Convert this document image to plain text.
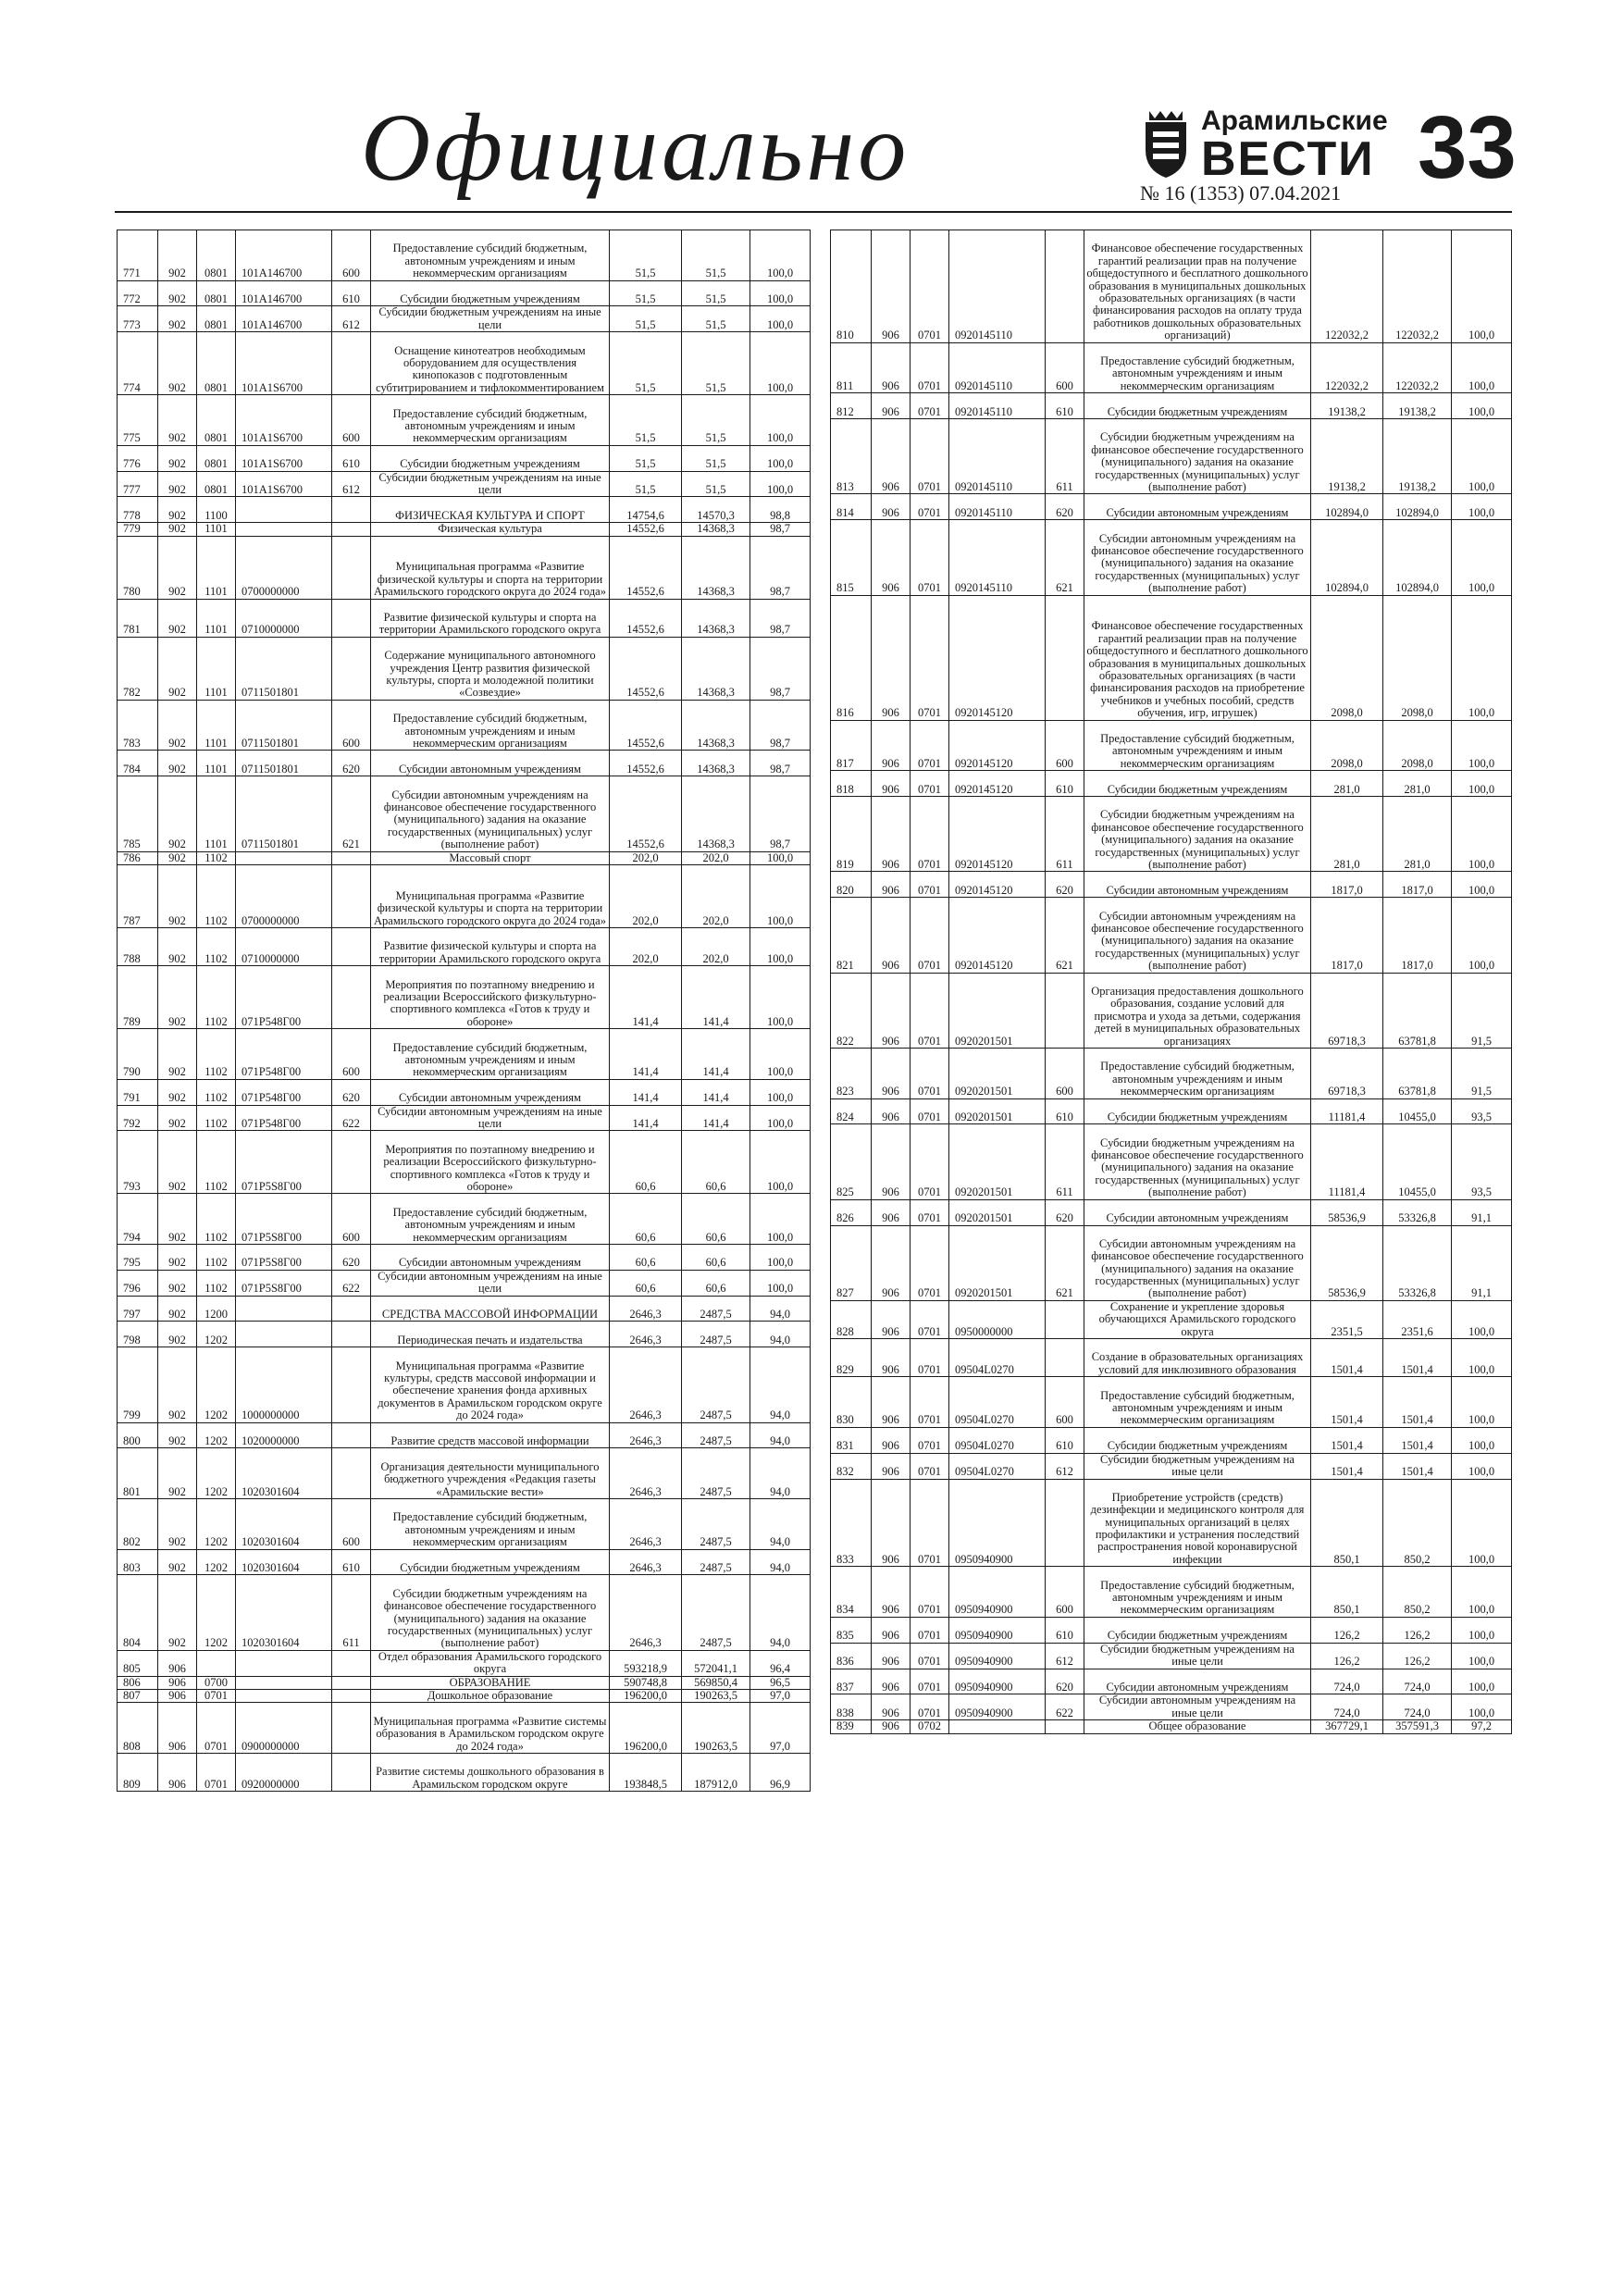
Официально	Арамильские
ВЕСТИ
№ 16 (1353) 07.04.2021 33
771	902	0801	101А146700	600	Предоставление субсидий бюджетным, автономным учреждениям и иным некоммерческим организациям	51,5	51,5	100,0
772	902	0801	101А146700	610	Субсидии бюджетным учреждениям	51,5	51,5	100,0
773	902	0801	101А146700	612	Субсидии бюджетным учреждениям на иные цели	51,5	51,5	100,0
774	902	0801	101А1S6700		Оснащение кинотеатров необходимым оборудованием для осуществления кинопоказов с подготовленным субтитрированием и тифлокомментированием	51,5	51,5	100,0
775	902	0801	101А1S6700	600	Предоставление субсидий бюджетным, автономным учреждениям и иным некоммерческим организациям	51,5	51,5	100,0
776	902	0801	101А1S6700	610	Субсидии бюджетным учреждениям	51,5	51,5	100,0
777	902	0801	101А1S6700	612	Субсидии бюджетным учреждениям на иные цели	51,5	51,5	100,0
778	902	1100			ФИЗИЧЕСКАЯ КУЛЬТУРА И СПОРТ	14754,6	14570,3	98,8
779	902	1101			Физическая культура	14552,6	14368,3	98,7
780	902	1101	0700000000		Муниципальная программа «Развитие физической культуры и спорта на территории Арамильского городского округа до 2024 года»	14552,6	14368,3	98,7
781	902	1101	0710000000		Развитие физической культуры и спорта на территории Арамильского городского округа	14552,6	14368,3	98,7
782	902	1101	0711501801		Содержание муниципального автономного учреждения Центр развития физической культуры, спорта и молодежной политики «Созвездие»	14552,6	14368,3	98,7
783	902	1101	0711501801	600	Предоставление субсидий бюджетным, автономным учреждениям и иным некоммерческим организациям	14552,6	14368,3	98,7
784	902	1101	0711501801	620	Субсидии автономным учреждениям	14552,6	14368,3	98,7
785	902	1101	0711501801	621	Субсидии автономным учреждениям на финансовое обеспечение государственного (муниципального) задания на оказание государственных (муниципальных) услуг (выполнение работ)	14552,6	14368,3	98,7
786	902	1102			Массовый спорт	202,0	202,0	100,0
787	902	1102	0700000000		Муниципальная программа «Развитие физической культуры и спорта на территории Арамильского городского округа до 2024 года»	202,0	202,0	100,0
788	902	1102	0710000000		Развитие физической культуры и спорта на территории Арамильского городского округа	202,0	202,0	100,0
789	902	1102	071P548Г00		Мероприятия по поэтапному внедрению и реализации Всероссийского физкультурно-спортивного комплекса «Готов к труду и обороне»	141,4	141,4	100,0
790	902	1102	071P548Г00	600	Предоставление субсидий бюджетным, автономным учреждениям и иным некоммерческим организациям	141,4	141,4	100,0
791	902	1102	071P548Г00	620	Субсидии автономным учреждениям	141,4	141,4	100,0
792	902	1102	071P548Г00	622	Субсидии автономным учреждениям на иные цели	141,4	141,4	100,0
793	902	1102	071P5S8Г00		Мероприятия по поэтапному внедрению и реализации Всероссийского физкультурно-спортивного комплекса «Готов к труду и обороне»	60,6	60,6	100,0
794	902	1102	071P5S8Г00	600	Предоставление субсидий бюджетным, автономным учреждениям и иным некоммерческим организациям	60,6	60,6	100,0
795	902	1102	071P5S8Г00	620	Субсидии автономным учреждениям	60,6	60,6	100,0
796	902	1102	071P5S8Г00	622	Субсидии автономным учреждениям на иные цели	60,6	60,6	100,0
797	902	1200			СРЕДСТВА МАССОВОЙ ИНФОРМАЦИИ	2646,3	2487,5	94,0
798	902	1202			Периодическая печать и издательства	2646,3	2487,5	94,0
799	902	1202	1000000000		Муниципальная программа «Развитие культуры, средств массовой информации и обеспечение хранения фонда архивных документов в Арамильском городском округе до 2024 года»	2646,3	2487,5	94,0
800	902	1202	1020000000		Развитие средств массовой информации	2646,3	2487,5	94,0
801	902	1202	1020301604		Организация деятельности муниципального бюджетного учреждения «Редакция газеты «Арамильские вести»	2646,3	2487,5	94,0
802	902	1202	1020301604	600	Предоставление субсидий бюджетным, автономным учреждениям и иным некоммерческим организациям	2646,3	2487,5	94,0
803	902	1202	1020301604	610	Субсидии бюджетным учреждениям	2646,3	2487,5	94,0
804	902	1202	1020301604	611	Субсидии бюджетным учреждениям на финансовое обеспечение государственного (муниципального) задания на оказание государственных (муниципальных) услуг (выполнение работ)	2646,3	2487,5	94,0
805	906				Отдел образования Арамильского городского округа	593218,9	572041,1	96,4
806	906	0700			ОБРАЗОВАНИЕ	590748,8	569850,4	96,5
807	906	0701			Дошкольное образование	196200,0	190263,5	97,0
808	906	0701	0900000000		Муниципальная программа «Развитие системы образования в Арамильском городском округе до 2024 года»	196200,0	190263,5	97,0
809	906	0701	0920000000		Развитие системы дошкольного образования в Арамильском городском округе	193848,5	187912,0	96,9
810	906	0701	0920145110		Финансовое обеспечение государственных гарантий реализации прав на получение общедоступного и бесплатного дошкольного образования в муниципальных дошкольных образовательных организациях (в части финансирования расходов на оплату труда работников дошкольных образовательных организаций)	122032,2	122032,2	100,0
811	906	0701	0920145110	600	Предоставление субсидий бюджетным, автономным учреждениям и иным некоммерческим организациям	122032,2	122032,2	100,0
812	906	0701	0920145110	610	Субсидии бюджетным учреждениям	19138,2	19138,2	100,0
813	906	0701	0920145110	611	Субсидии бюджетным учреждениям на финансовое обеспечение государственного (муниципального) задания на оказание государственных (муниципальных) услуг (выполнение работ)	19138,2	19138,2	100,0
814	906	0701	0920145110	620	Субсидии автономным учреждениям	102894,0	102894,0	100,0
815	906	0701	0920145110	621	Субсидии автономным учреждениям на финансовое обеспечение государственного (муниципального) задания на оказание государственных (муниципальных) услуг (выполнение работ)	102894,0	102894,0	100,0
816	906	0701	0920145120		Финансовое обеспечение государственных гарантий реализации прав на получение общедоступного и бесплатного дошкольного образования в муниципальных дошкольных образовательных организациях (в части финансирования расходов на приобретение учебников и учебных пособий, средств обучения, игр, игрушек)	2098,0	2098,0	100,0
817	906	0701	0920145120	600	Предоставление субсидий бюджетным, автономным учреждениям и иным некоммерческим организациям	2098,0	2098,0	100,0
818	906	0701	0920145120	610	Субсидии бюджетным учреждениям	281,0	281,0	100,0
819	906	0701	0920145120	611	Субсидии бюджетным учреждениям на финансовое обеспечение государственного (муниципального) задания на оказание государственных (муниципальных) услуг (выполнение работ)	281,0	281,0	100,0
820	906	0701	0920145120	620	Субсидии автономным учреждениям	1817,0	1817,0	100,0
821	906	0701	0920145120	621	Субсидии автономным учреждениям на финансовое обеспечение государственного (муниципального) задания на оказание государственных (муниципальных) услуг (выполнение работ)	1817,0	1817,0	100,0
822	906	0701	0920201501		Организация предоставления дошкольного образования, создание условий для присмотра и ухода за детьми, содержания детей в муниципальных образовательных организациях	69718,3	63781,8	91,5
823	906	0701	0920201501	600	Предоставление субсидий бюджетным, автономным учреждениям и иным некоммерческим организациям	69718,3	63781,8	91,5
824	906	0701	0920201501	610	Субсидии бюджетным учреждениям	11181,4	10455,0	93,5
825	906	0701	0920201501	611	Субсидии бюджетным учреждениям на финансовое обеспечение государственного (муниципального) задания на оказание государственных (муниципальных) услуг (выполнение работ)	11181,4	10455,0	93,5
826	906	0701	0920201501	620	Субсидии автономным учреждениям	58536,9	53326,8	91,1
827	906	0701	0920201501	621	Субсидии автономным учреждениям на финансовое обеспечение государственного (муниципального) задания на оказание государственных (муниципальных) услуг (выполнение работ)	58536,9	53326,8	91,1
828	906	0701	0950000000		Сохранение и укрепление здоровья обучающихся Арамильского городского округа	2351,5	2351,6	100,0
829	906	0701	09504L0270		Создание в образовательных организациях условий для инклюзивного образования	1501,4	1501,4	100,0
830	906	0701	09504L0270	600	Предоставление субсидий бюджетным, автономным учреждениям и иным некоммерческим организациям	1501,4	1501,4	100,0
831	906	0701	09504L0270	610	Субсидии бюджетным учреждениям	1501,4	1501,4	100,0
832	906	0701	09504L0270	612	Субсидии бюджетным учреждениям на иные цели	1501,4	1501,4	100,0
833	906	0701	0950940900		Приобретение устройств (средств) дезинфекции и медицинского контроля для муниципальных организаций в целях профилактики и устранения последствий распространения новой коронавирусной инфекции	850,1	850,2	100,0
834	906	0701	0950940900	600	Предоставление субсидий бюджетным, автономным учреждениям и иным некоммерческим организациям	850,1	850,2	100,0
835	906	0701	0950940900	610	Субсидии бюджетным учреждениям	126,2	126,2	100,0
836	906	0701	0950940900	612	Субсидии бюджетным учреждениям на иные цели	126,2	126,2	100,0
837	906	0701	0950940900	620	Субсидии автономным учреждениям	724,0	724,0	100,0
838	906	0701	0950940900	622	Субсидии автономным учреждениям на иные цели	724,0	724,0	100,0
839	906	0702			Общее образование	367729,1	357591,3	97,2
